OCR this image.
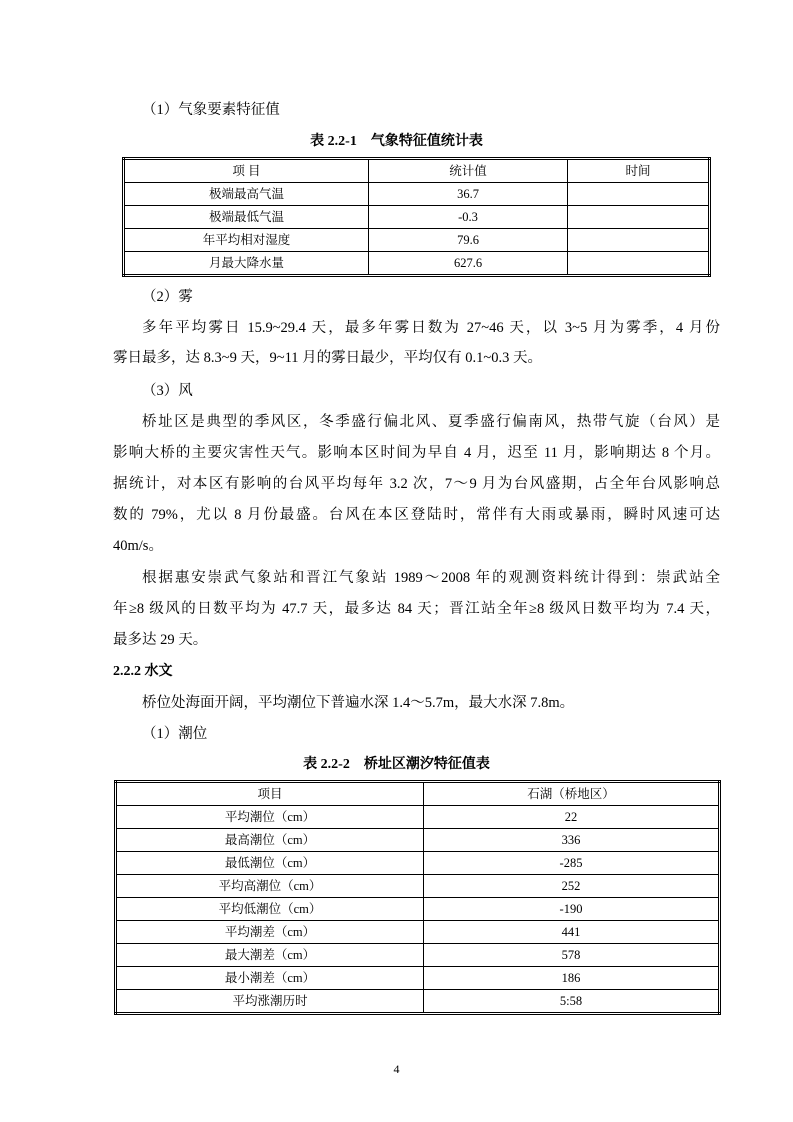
（1）气象要素特征值
表 2.2-1　气象特征值统计表
项 目	统计值	时间
极端最高气温	36.7	
极端最低气温	-0.3	
年平均相对湿度	79.6	
月最大降水量	627.6	
（2）雾
多年平均雾日 15.9~29.4 天，最多年雾日数为 27~46 天，以 3~5 月为雾季，4 月份
雾日最多，达 8.3~9 天，9~11 月的雾日最少，平均仅有 0.1~0.3 天。
（3）风
桥址区是典型的季风区，冬季盛行偏北风、夏季盛行偏南风，热带气旋（台风）是
影响大桥的主要灾害性天气。影响本区时间为早自 4 月，迟至 11 月，影响期达 8 个月。
据统计，对本区有影响的台风平均每年 3.2 次，7～9 月为台风盛期，占全年台风影响总
数的 79%，尤以 8 月份最盛。台风在本区登陆时，常伴有大雨或暴雨，瞬时风速可达
40m/s。
根据惠安崇武气象站和晋江气象站 1989～2008 年的观测资料统计得到：崇武站全
年≥8 级风的日数平均为 47.7 天，最多达 84 天；晋江站全年≥8 级风日数平均为 7.4 天，
最多达 29 天。
2.2.2 水文
桥位处海面开阔，平均潮位下普遍水深 1.4～5.7m，最大水深 7.8m。
（1）潮位
表 2.2-2　桥址区潮汐特征值表
项目	石湖（桥地区）
平均潮位（cm）	22
最高潮位（cm）	336
最低潮位（cm）	-285
平均高潮位（cm）	252
平均低潮位（cm）	-190
平均潮差（cm）	441
最大潮差（cm）	578
最小潮差（cm）	186
平均涨潮历时	5:58
4
